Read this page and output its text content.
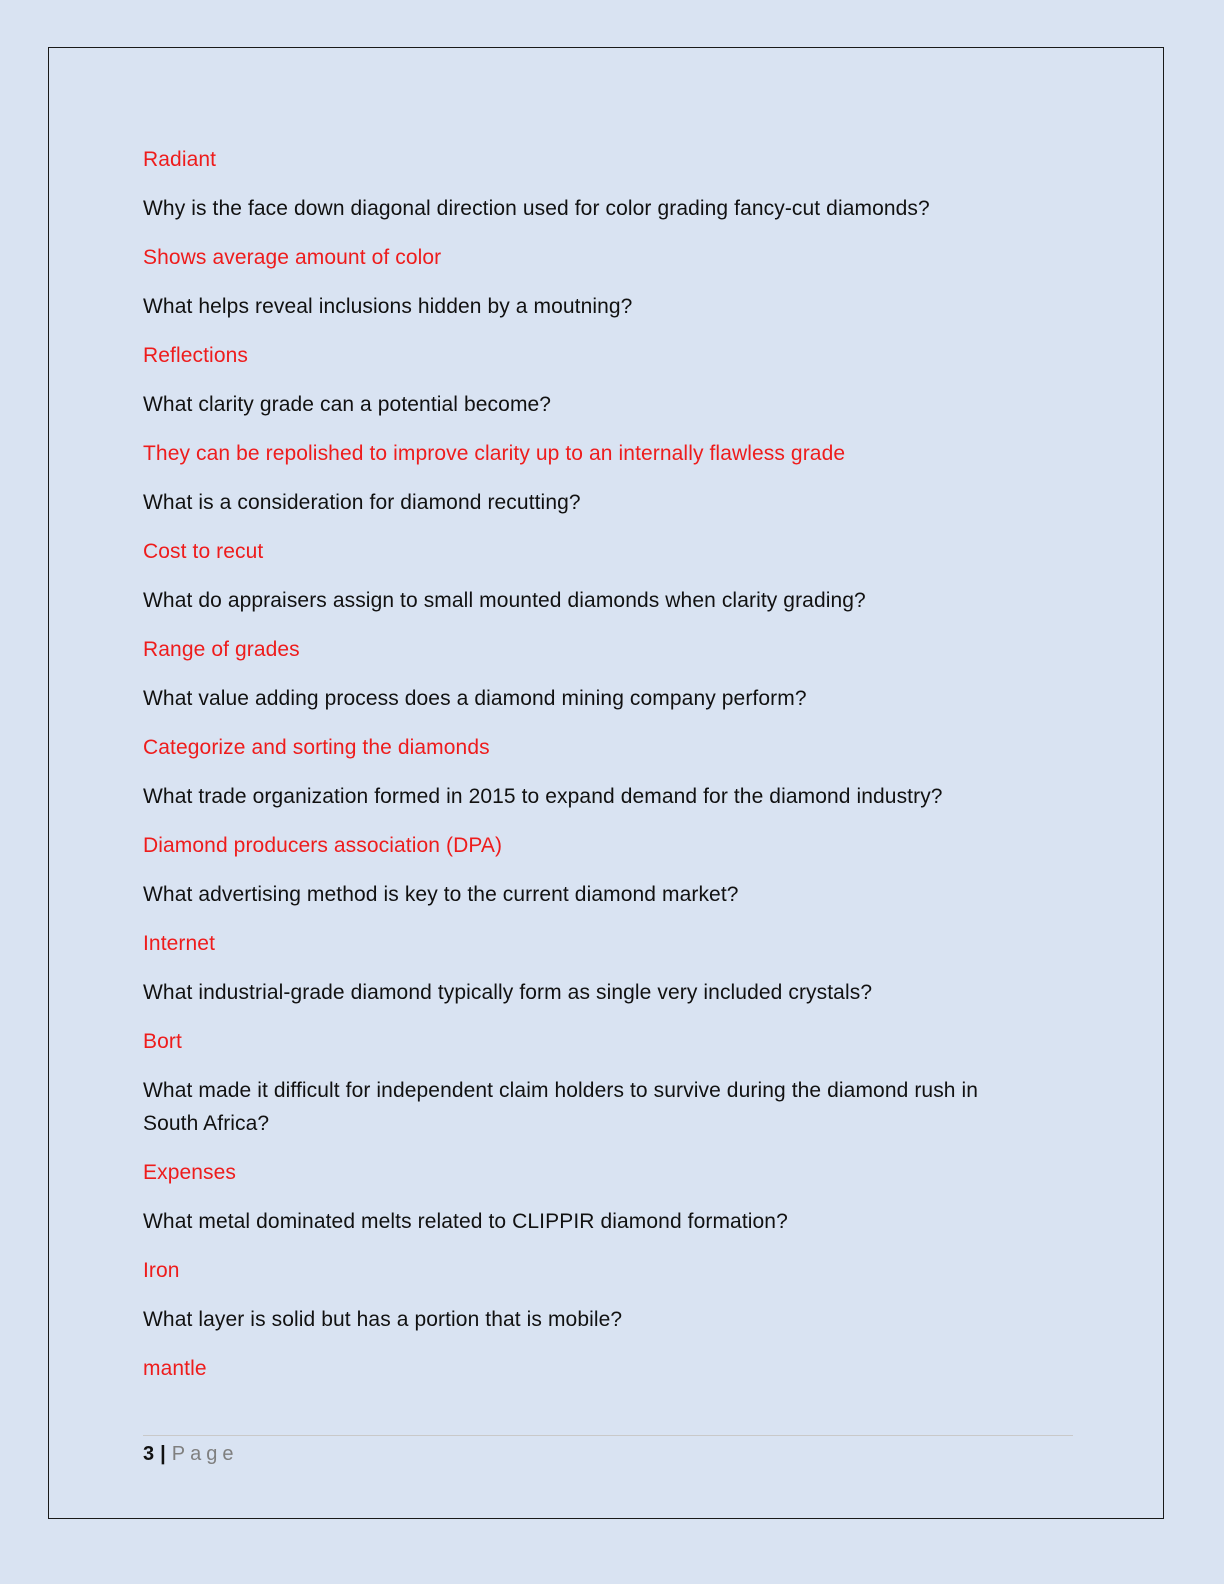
Radiant

Why is the face down diagonal direction used for color grading fancy-cut diamonds?

Shows average amount of color

What helps reveal inclusions hidden by a moutning?

Reflections

What clarity grade can a potential become?

They can be repolished to improve clarity up to an internally flawless grade

What is a consideration for diamond recutting?

Cost to recut

What do appraisers assign to small mounted diamonds when clarity grading?

Range of grades

What value adding process does a diamond mining company perform?

Categorize and sorting the diamonds

What trade organization formed in 2015 to expand demand for the diamond industry?

Diamond producers association (DPA)

What advertising method is key to the current diamond market?

Internet

What industrial-grade diamond typically form as single very included crystals?

Bort

What made it difficult for independent claim holders to survive during the diamond rush in South Africa?

Expenses

What metal dominated melts related to CLIPPIR diamond formation?

Iron

What layer is solid but has a portion that is mobile?

mantle

3 | Page
